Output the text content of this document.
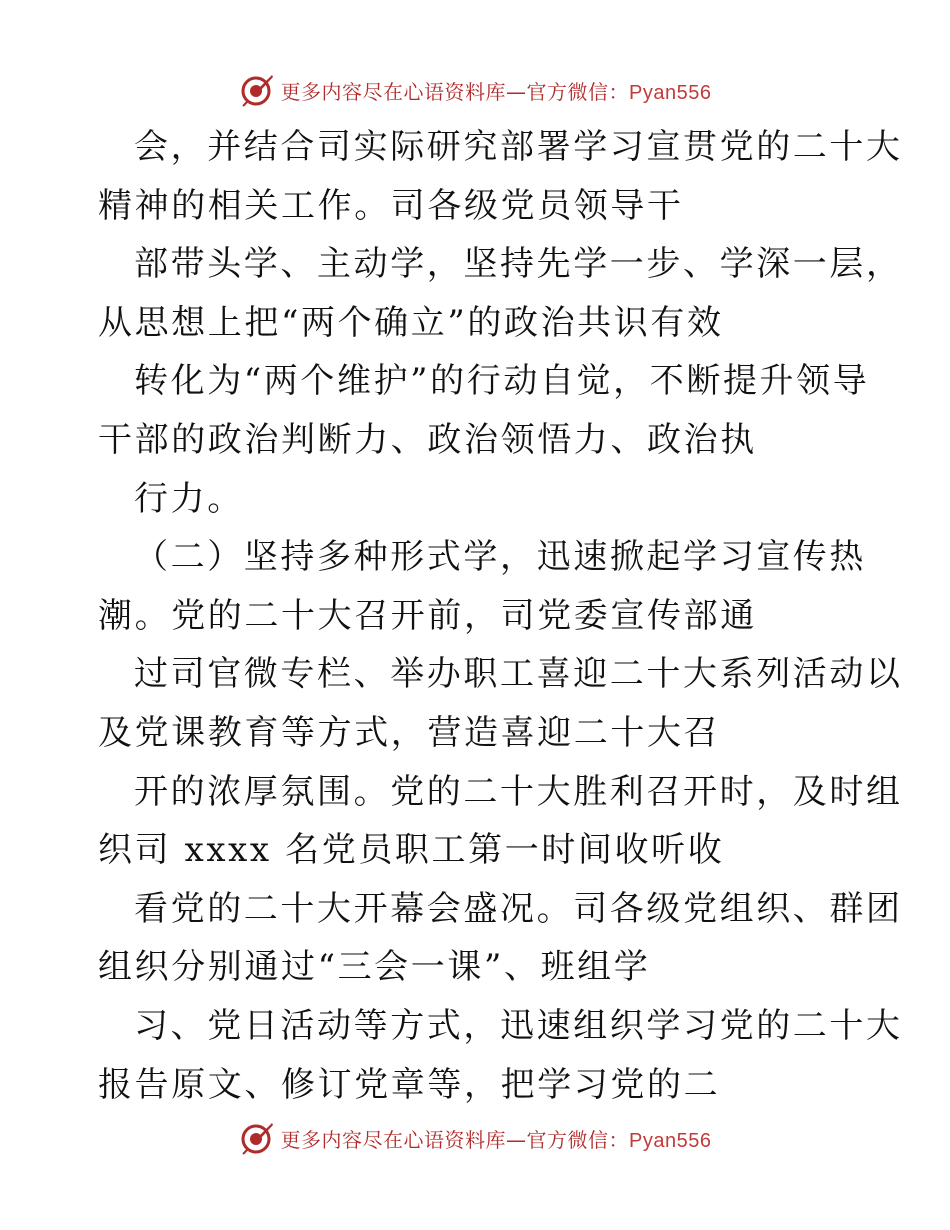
更多内容尽在心语资料库—官方微信：Pyan556
会，并结合司实际研究部署学习宣贯党的二十大
精神的相关工作。司各级党员领导干
部带头学、主动学，坚持先学一步、学深一层，
从思想上把“两个确立”的政治共识有效
转化为“两个维护”的行动自觉，不断提升领导
干部的政治判断力、政治领悟力、政治执
行力。
（二）坚持多种形式学，迅速掀起学习宣传热
潮。党的二十大召开前，司党委宣传部通
过司官微专栏、举办职工喜迎二十大系列活动以
及党课教育等方式，营造喜迎二十大召
开的浓厚氛围。党的二十大胜利召开时，及时组
织司 xxxx 名党员职工第一时间收听收
看党的二十大开幕会盛况。司各级党组织、群团
组织分别通过“三会一课”、班组学
习、党日活动等方式，迅速组织学习党的二十大
报告原文、修订党章等，把学习党的二
更多内容尽在心语资料库—官方微信：Pyan556
